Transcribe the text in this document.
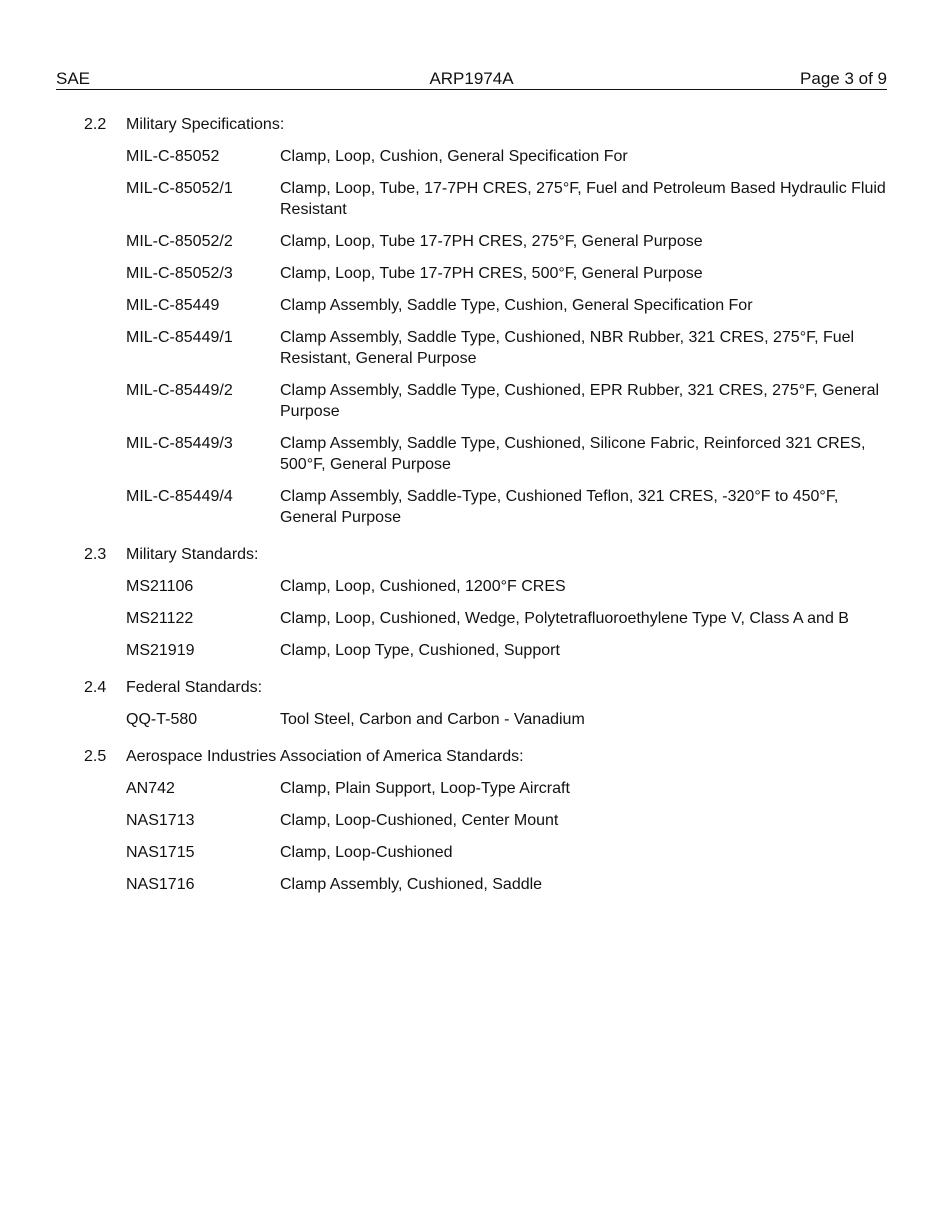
SAE	ARP1974A	Page 3 of 9
2.2	Military Specifications:
MIL-C-85052	Clamp, Loop, Cushion, General Specification For
MIL-C-85052/1	Clamp, Loop, Tube, 17-7PH CRES, 275°F, Fuel and Petroleum Based Hydraulic Fluid Resistant
MIL-C-85052/2	Clamp, Loop, Tube 17-7PH CRES, 275°F, General Purpose
MIL-C-85052/3	Clamp, Loop, Tube 17-7PH CRES, 500°F, General Purpose
MIL-C-85449	Clamp Assembly, Saddle Type, Cushion, General Specification For
MIL-C-85449/1	Clamp Assembly, Saddle Type, Cushioned, NBR Rubber, 321 CRES, 275°F, Fuel Resistant, General Purpose
MIL-C-85449/2	Clamp Assembly, Saddle Type, Cushioned, EPR Rubber, 321 CRES, 275°F, General Purpose
MIL-C-85449/3	Clamp Assembly, Saddle Type, Cushioned, Silicone Fabric, Reinforced 321 CRES, 500°F, General Purpose
MIL-C-85449/4	Clamp Assembly, Saddle-Type, Cushioned Teflon, 321 CRES, -320°F to 450°F, General Purpose
2.3	Military Standards:
MS21106	Clamp, Loop, Cushioned, 1200°F CRES
MS21122	Clamp, Loop, Cushioned, Wedge, Polytetrafluoroethylene Type V, Class A and B
MS21919	Clamp, Loop Type, Cushioned, Support
2.4	Federal Standards:
QQ-T-580	Tool Steel, Carbon and Carbon - Vanadium
2.5	Aerospace Industries Association of America Standards:
AN742	Clamp, Plain Support, Loop-Type Aircraft
NAS1713	Clamp, Loop-Cushioned, Center Mount
NAS1715	Clamp, Loop-Cushioned
NAS1716	Clamp Assembly, Cushioned, Saddle
